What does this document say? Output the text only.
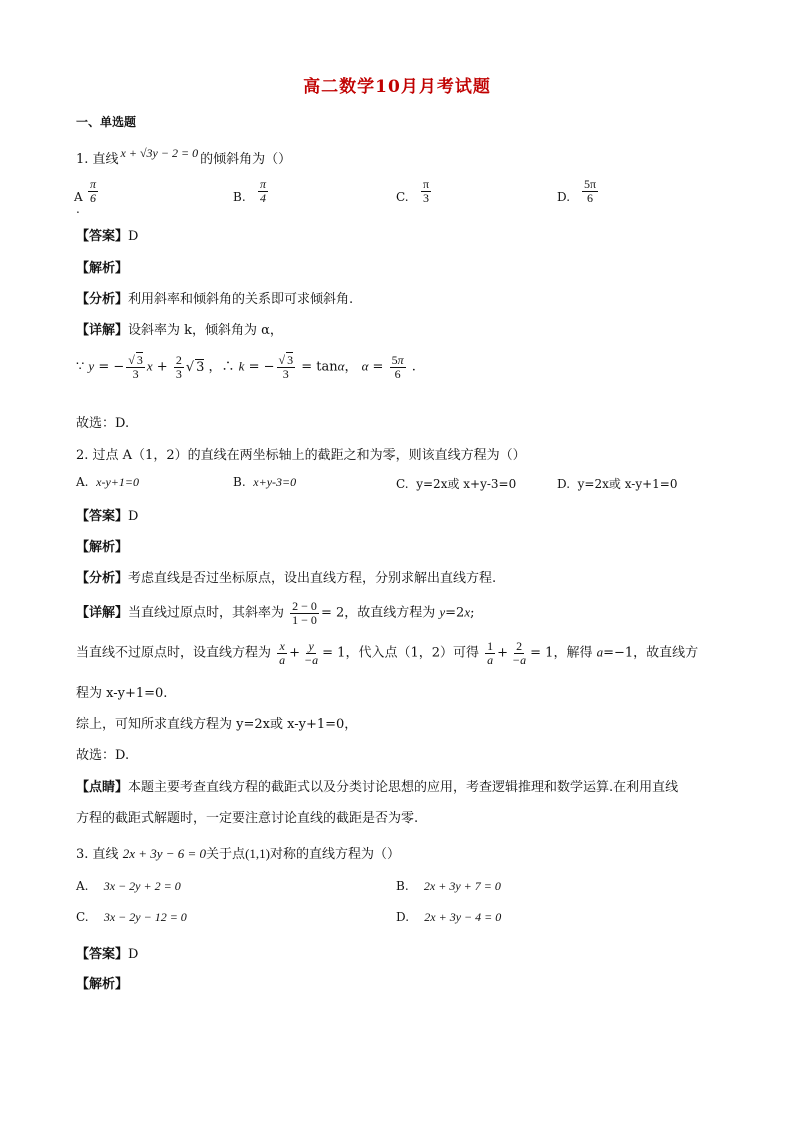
高二数学10月月考试题
一、单选题
1. 直线 x + √3y − 2 = 0 的倾斜角为（）
A
.
$\frac{\pi}{6}$	B. $\frac{\pi}{4}$	C. $\frac{\pi}{3}$	D. $\frac{5\pi}{6}$
【答案】D
【解析】
【分析】利用斜率和倾斜角的关系即可求倾斜角.
【详解】设斜率为 k，倾斜角为 α，
∵ y = − √ $\frac{3}{3}$ $x + \frac{2}{3}$ √ 3 ，∴ k = − √ $\frac{3}{3} = \tan\alpha$， $\alpha = \frac{5\pi}{6}$ .
故选：D.
2. 过点 A（1，2）的直线在两坐标轴上的截距之和为零，则该直线方程为（）
A. x-y+1=0	B. x+y-3=0	C. y=2x或 x+y-3=0	D. y=2x或 x-y+1=0
【答案】D
【解析】
【分析】考虑直线是否过坐标原点，设出直线方程，分别求解出直线方程.
【详解】当直线过原点时，其斜率为 $\frac{2 - 0}{1 - 0} = 2$，故直线方程为 y=2x;
当直线不过原点时，设直线方程为 $\frac{x}{a} + \frac{y}{-a} = 1$，代入点（1，2）可得 $\frac{1}{a} + \frac{2}{-a} = 1$，解得 a=−1，故直线方
程为 x-y+1=0.
综上，可知所求直线方程为 y=2x或 x-y+1=0，
故选：D.
【点睛】本题主要考查直线方程的截距式以及分类讨论思想的应用，考查逻辑推理和数学运算.在利用直线
方程的截距式解题时，一定要注意讨论直线的截距是否为零.
3. 直线 2x + 3y − 6 = 0关于点(1,1)对称的直线方程为（）
A. 3x − 2y + 2 = 0	B. 2x + 3y + 7 = 0
C. 3x − 2y − 12 = 0	D. 2x + 3y − 4 = 0
【答案】D
【解析】
